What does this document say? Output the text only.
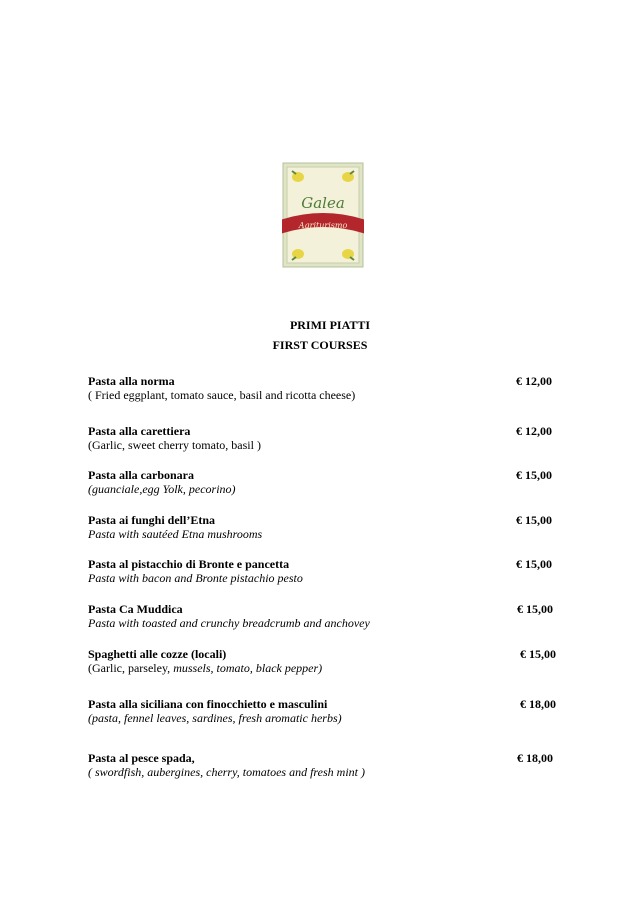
Galea
Agriturismo
PRIMI PIATTI
FIRST COURSES
Pasta alla norma
( Fried eggplant, tomato sauce, basil and ricotta cheese)
€ 12,00
Pasta alla carettiera
(Garlic, sweet cherry tomato, basil )
€ 12,00
Pasta alla carbonara
(guanciale,egg Yolk, pecorino)
€ 15,00
Pasta ai funghi dell’Etna
Pasta with sautéed Etna mushrooms
€ 15,00
Pasta al pistacchio di Bronte e pancetta
Pasta with bacon and Bronte pistachio pesto
€ 15,00
Pasta Ca Muddica
Pasta with toasted and crunchy breadcrumb and anchovey
€ 15,00
Spaghetti alle cozze (locali)
(Garlic, parseley, mussels, tomato, black pepper)
€ 15,00
Pasta alla siciliana con finocchietto e masculini
(pasta, fennel leaves, sardines, fresh aromatic herbs)
€ 18,00
Pasta al pesce spada,
( swordfish, aubergines, cherry, tomatoes and fresh mint )
€ 18,00
